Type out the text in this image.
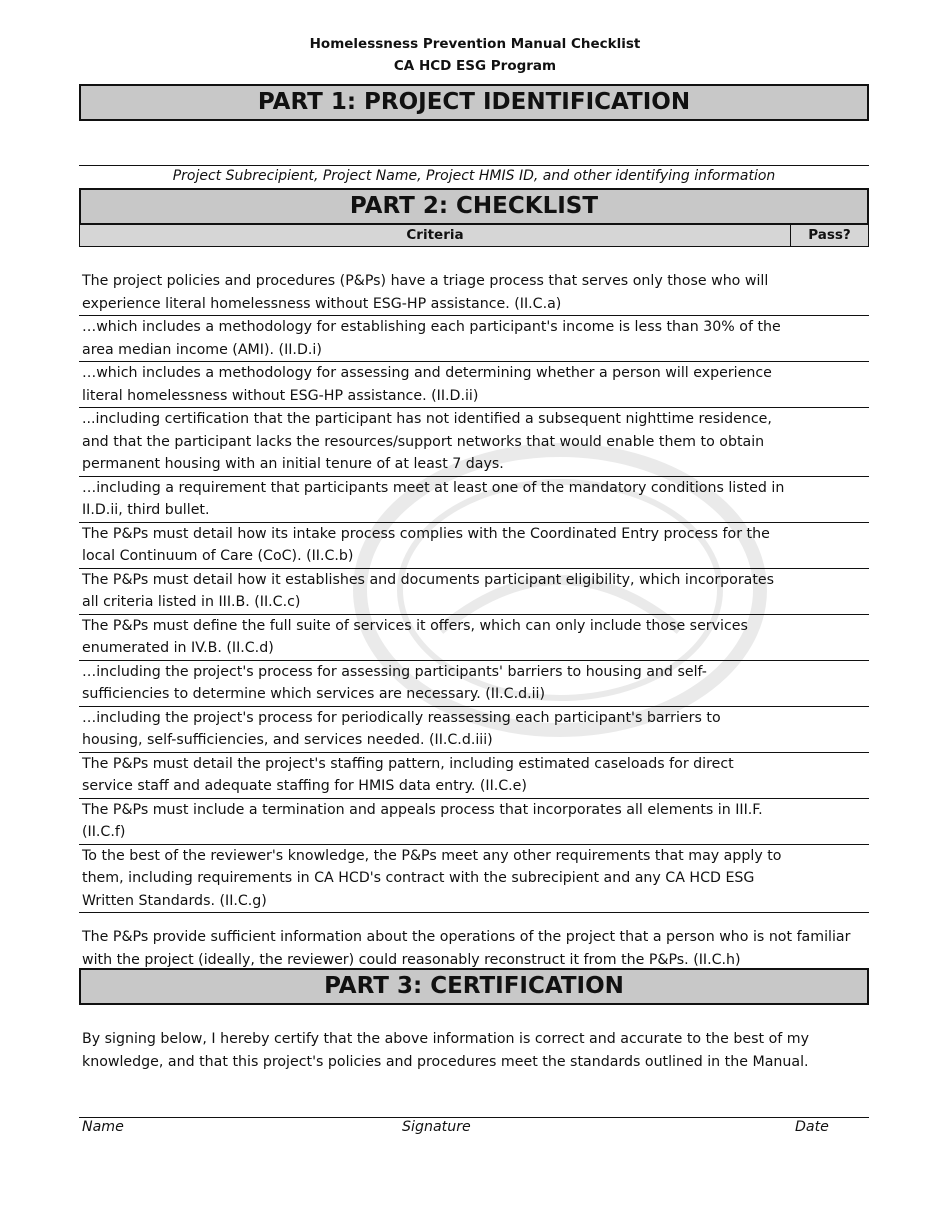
Homelessness Prevention Manual Checklist
CA HCD ESG Program
PART 1: PROJECT IDENTIFICATION
Project Subrecipient, Project Name, Project HMIS ID, and other identifying information
PART 2: CHECKLIST
Criteria	Pass?
The project policies and procedures (P&Ps) have a triage process that serves only those who will experience literal homelessness without ESG-HP assistance. (II.C.a)
…which includes a methodology for establishing each participant's income is less than 30% of the area median income (AMI). (II.D.i)
…which includes a methodology for assessing and determining whether a person will experience literal homelessness without ESG-HP assistance. (II.D.ii)
...including certification that the participant has not identified a subsequent nighttime residence, and that the participant lacks the resources/support networks that would enable them to obtain permanent housing with an initial tenure of at least 7 days.
…including a requirement that participants meet at least one of the mandatory conditions listed in II.D.ii, third bullet.
The P&Ps must detail how its intake process complies with the Coordinated Entry process for the local Continuum of Care (CoC). (II.C.b)
The P&Ps must detail how it establishes and documents participant eligibility, which incorporates all criteria listed in III.B. (II.C.c)
The P&Ps must define the full suite of services it offers, which can only include those services enumerated in IV.B. (II.C.d)
…including the project's process for assessing participants' barriers to housing and self-sufficiencies to determine which services are necessary. (II.C.d.ii)
…including the project's process for periodically reassessing each participant's barriers to housing, self-sufficiencies, and services needed. (II.C.d.iii)
The P&Ps must detail the project's staffing pattern, including estimated caseloads for direct service staff and adequate staffing for HMIS data entry. (II.C.e)
The P&Ps must include a termination and appeals process that incorporates all elements in III.F. (II.C.f)
To the best of the reviewer's knowledge, the P&Ps meet any other requirements that may apply to them, including requirements in CA HCD's contract with the subrecipient and any CA HCD ESG Written Standards. (II.C.g)
The P&Ps provide sufficient information about the operations of the project that a person who is not familiar with the project (ideally, the reviewer) could reasonably reconstruct it from the P&Ps. (II.C.h)
PART 3: CERTIFICATION
By signing below, I hereby certify that the above information is correct and accurate to the best of my knowledge, and that this project's policies and procedures meet the standards outlined in the Manual.
Name	Signature	Date
